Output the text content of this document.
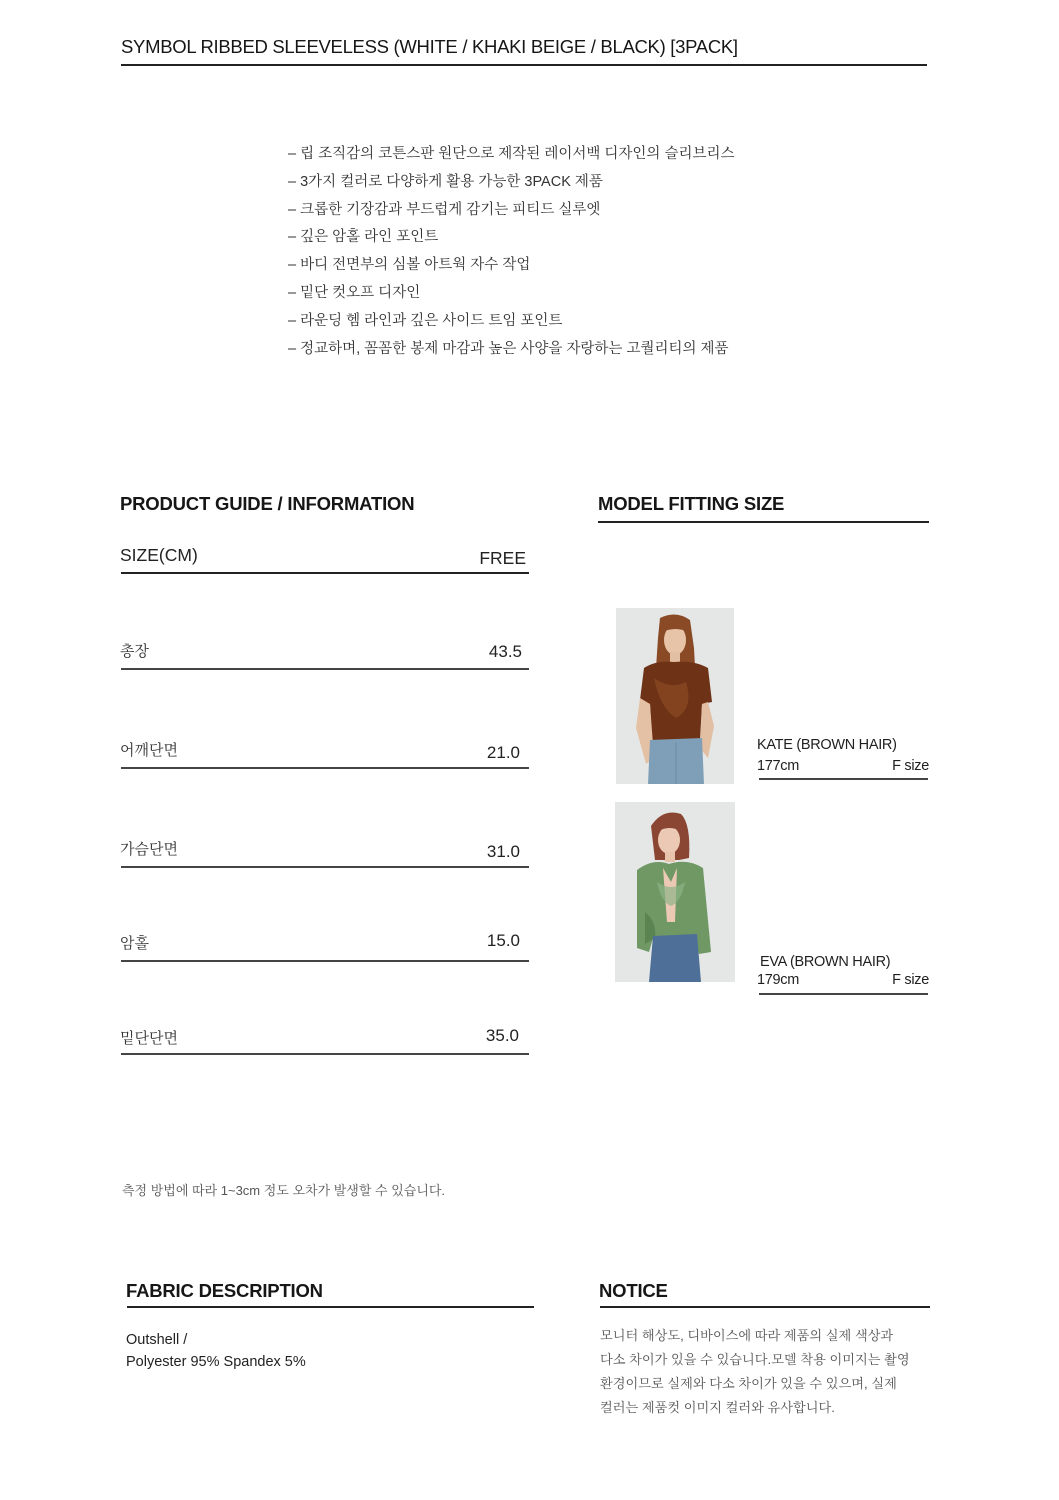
SYMBOL RIBBED SLEEVELESS (WHITE / KHAKI BEIGE / BLACK) [3PACK]
– 립 조직감의 코튼스판 원단으로 제작된 레이서백 디자인의 슬리브리스
– 3가지 컬러로 다양하게 활용 가능한 3PACK 제품
– 크롭한 기장감과 부드럽게 감기는 피티드 실루엣
– 깊은 암홀 라인 포인트
– 바디 전면부의 심볼 아트웍 자수 작업
– 밑단 컷오프 디자인
– 라운딩 헴 라인과 깊은 사이드 트임 포인트
– 정교하며, 꼼꼼한 봉제 마감과 높은 사양을 자랑하는 고퀄리티의 제품
PRODUCT GUIDE / INFORMATION
SIZE(CM)	FREE
총장	43.5
어깨단면	21.0
가슴단면	31.0
암홀	15.0
밑단단면	35.0
측정 방법에 따라 1~3cm 정도 오차가 발생할 수 있습니다.
MODEL FITTING SIZE
KATE (BROWN HAIR)
177cm	F size
EVA (BROWN HAIR)
179cm	F size
FABRIC DESCRIPTION
Outshell /
Polyester 95% Spandex 5%
NOTICE
모니터 해상도, 디바이스에 따라 제품의 실제 색상과
다소 차이가 있을 수 있습니다.모델 착용 이미지는 촬영
환경이므로 실제와 다소 차이가 있을 수 있으며, 실제
컬러는 제품컷 이미지 컬러와 유사합니다.
